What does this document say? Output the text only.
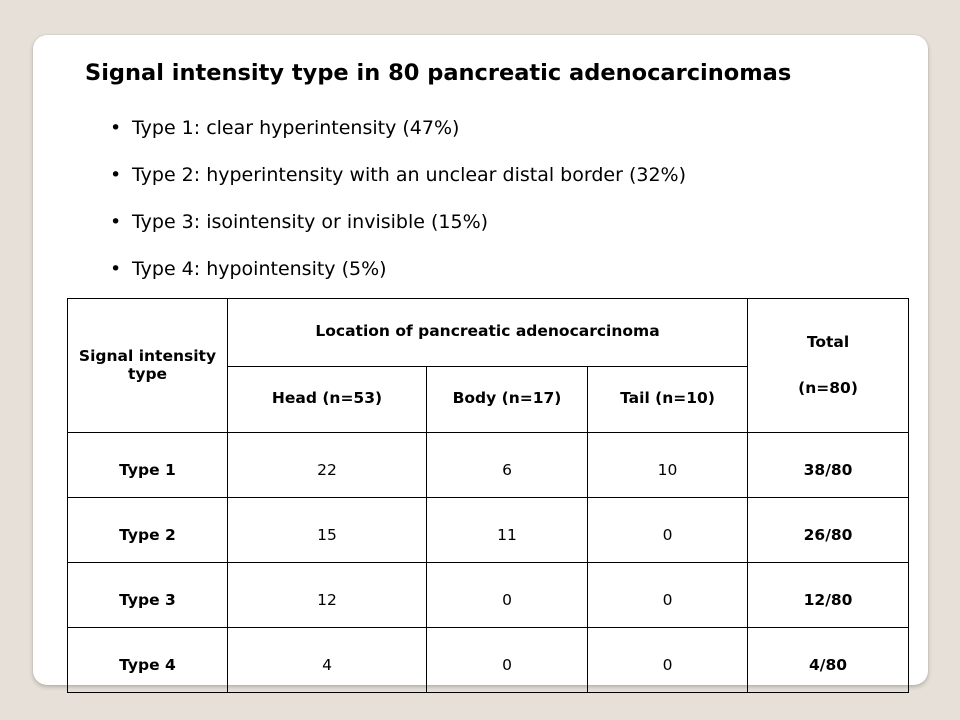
Signal intensity type in 80 pancreatic adenocarcinomas
• Type 1: clear hyperintensity (47%)
• Type 2: hyperintensity with an unclear distal border (32%)
• Type 3: isointensity or invisible (15%)
• Type 4: hypointensity (5%)
Signal intensity type	Location of pancreatic adenocarcinoma			Total
	Head (n=53)	Body (n=17)	Tail (n=10)	(n=80)
Type 1	22	6	10	38/80
Type 2	15	11	0	26/80
Type 3	12	0	0	12/80
Type 4	4	0	0	4/80
